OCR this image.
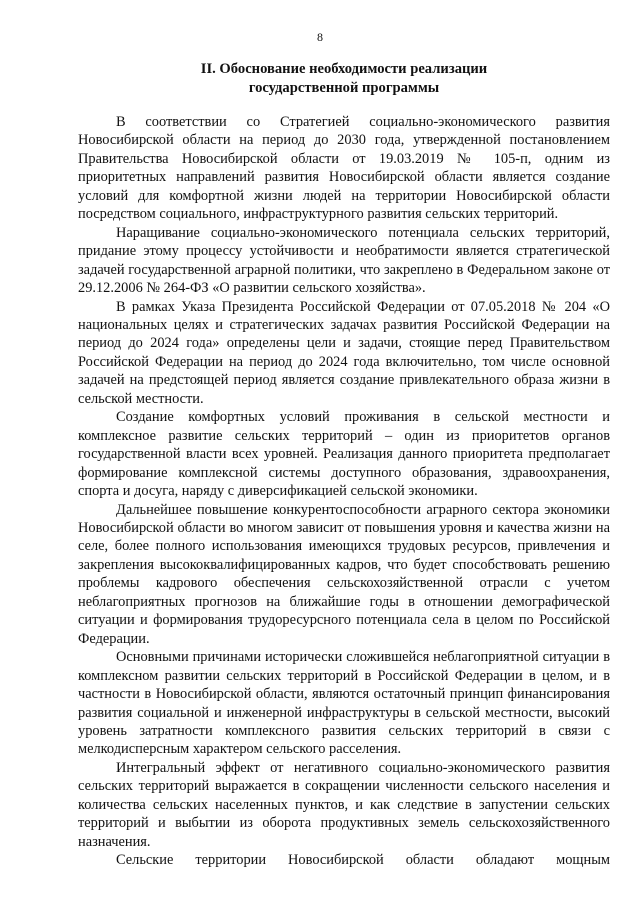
8
II. Обоснование необходимости реализации
государственной программы

В соответствии со Стратегией социально-экономического развития Новосибирской области на период до 2030 года, утвержденной постановлением Правительства Новосибирской области от 19.03.2019 № 105-п, одним из приоритетных направлений развития Новосибирской области является создание условий для комфортной жизни людей на территории Новосибирской области посредством социального, инфраструктурного развития сельских территорий.

Наращивание социально-экономического потенциала сельских территорий, придание этому процессу устойчивости и необратимости является стратегической задачей государственной аграрной политики, что закреплено в Федеральном законе от 29.12.2006 № 264-ФЗ «О развитии сельского хозяйства».

В рамках Указа Президента Российской Федерации от 07.05.2018 № 204 «О национальных целях и стратегических задачах развития Российской Федерации на период до 2024 года» определены цели и задачи, стоящие перед Правительством Российской Федерации на период до 2024 года включительно, том числе основной задачей на предстоящей период является создание привлекательного образа жизни в сельской местности.

Создание комфортных условий проживания в сельской местности и комплексное развитие сельских территорий – один из приоритетов органов государственной власти всех уровней. Реализация данного приоритета предполагает формирование комплексной системы доступного образования, здравоохранения, спорта и досуга, наряду с диверсификацией сельской экономики.

Дальнейшее повышение конкурентоспособности аграрного сектора экономики Новосибирской области во многом зависит от повышения уровня и качества жизни на селе, более полного использования имеющихся трудовых ресурсов, привлечения и закрепления высококвалифицированных кадров, что будет способствовать решению проблемы кадрового обеспечения сельскохозяйственной отрасли с учетом неблагоприятных прогнозов на ближайшие годы в отношении демографической ситуации и формирования трудоресурсного потенциала села в целом по Российской Федерации.

Основными причинами исторически сложившейся неблагоприятной ситуации в комплексном развитии сельских территорий в Российской Федерации в целом, и в частности в Новосибирской области, являются остаточный принцип финансирования развития социальной и инженерной инфраструктуры в сельской местности, высокий уровень затратности комплексного развития сельских территорий в связи с мелкодисперсным характером сельского расселения.

Интегральный эффект от негативного социально-экономического развития сельских территорий выражается в сокращении численности сельского населения и количества сельских населенных пунктов, и как следствие в запустении сельских территорий и выбытии из оборота продуктивных земель сельскохозяйственного назначения.

Сельские территории Новосибирской области обладают мощным
